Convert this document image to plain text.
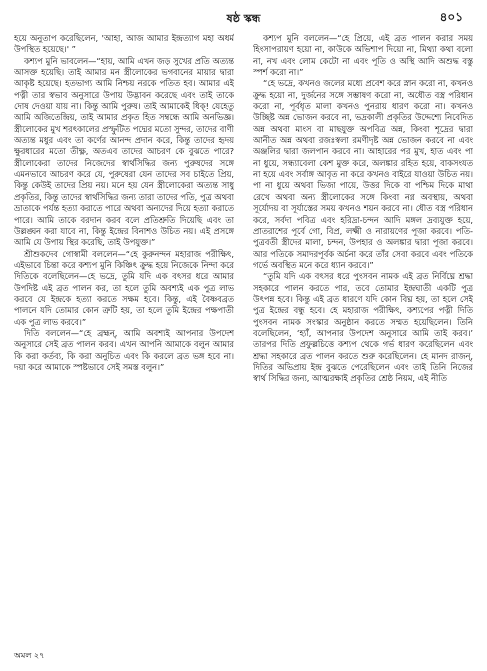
ষষ্ঠ স্কন্ধ	৪০১

হয়ে অনুতাপ করেছিলেন, 'আহা, আজ আমার ইন্দ্রত্যাগ মহা অধর্ম উপস্থিত হয়েছে।' ”

কশ্যপ মুনি ভাবলেন—“হায়, আমি এখন জড় সুখের প্রতি অত্যন্ত আসক্ত হয়েছি। তাই আমার মন স্ত্রীলোকের ভগবানের মায়ার দ্বারা আকৃষ্ট হয়েছে। হতভাগ্য আমি নিশ্চয় নরকে পতিত হব। আমার এই পত্নী তার স্বভাব অনুসারে উপায় উদ্ভাবন করেছে এবং তাই তাকে দোষ দেওয়া যায় না। কিন্তু আমি পুরুষ। তাই আমাকেই ধিক্‌! যেহেতু আমি অজিতেন্দ্রিয়, তাই আমার প্রকৃত হিত সম্বন্ধে আমি অনভিজ্ঞ। স্ত্রীলোকের মুখ শরৎকালের প্রস্ফুটিত পদ্মের মতো সুন্দর, তাদের বাণী অত্যন্ত মধুর এবং তা কর্ণের আনন্দ প্রদান করে, কিন্তু তাদের হৃদয় ক্ষুরধারের মতো তীক্ষ্ণ, অতএব তাদের আচরণ কে বুঝতে পারে? স্ত্রীলোকেরা তাদের নিজেদের স্বার্থসিদ্ধির জন্য পুরুষদের সঙ্গে এমনভাবে আচরণ করে যে, পুরুষেরা যেন তাদের সব চাইতে প্রিয়, কিন্তু কেউই তাদের প্রিয় নয়। মনে হয় যেন স্ত্রীলোকেরা অত্যন্ত সাধু প্রকৃতির, কিন্তু তাদের স্বার্থসিদ্ধির জন্য তারা তাদের পতি, পুত্র অথবা ভ্রাতাকে পর্যন্ত হত্যা করাতে পারে অথবা অন্যদের দিয়ে হত্যা করাতে পারে। আমি তাকে বরদান করব বলে প্রতিশ্রুতি দিয়েছি এবং তা উল্লঙ্ঘন করা যাবে না, কিন্তু ইন্দ্রের বিনাশও উচিত নয়। এই প্রসঙ্গে আমি যে উপায় স্থির করেছি, তাই উপযুক্ত।”

শ্রীশুকদেব গোস্বামী বললেন—“হে কুরুনন্দন মহারাজ পরীক্ষিৎ, এইভাবে চিন্তা করে কশ্যপ মুনি কিঞ্চিৎ ক্রুদ্ধ হয়ে নিজেকে নিন্দা করে দিতিকে বলেছিলেন—হে ভদ্রে, তুমি যদি এক বৎসর ধরে আমার উপদিষ্ট এই ব্রত পালন কর, তা হলে তুমি অবশ্যই এক পুত্র লাভ করবে যে ইন্দ্রকে হত্যা করতে সক্ষম হবে। কিন্তু, এই বৈষ্ণবব্রত পালনে যদি তোমার কোন ত্রুটি হয়, তা হলে তুমি ইন্দ্রের পক্ষপাতী এক পুত্র লাভ করবে।”

দিতি বললেন—“হে ব্রহ্মন্‌, আমি অবশ্যই আপনার উপদেশ অনুসারে সেই ব্রত পালন করব। এখন আপনি আমাকে বলুন আমার কি করা কর্তব্য, কি করা অনুচিত এবং কি করলে ব্রত ভঙ্গ হবে না। দয়া করে আমাকে স্পষ্টভাবে সেই সমস্ত বলুন।”

কশ্যপ মুনি বললেন—“হে প্রিয়ে, এই ব্রত পালন করার সময় হিংসাপরায়ণ হয়ো না, কাউকে অভিশাপ দিয়ো না, মিথ্যা কথা বলো না, নখ এবং লোম কেটো না এবং পূতি ও অস্থি আদি অশুদ্ধ বস্তু স্পর্শ করো না।”

“হে ভদ্রে, কখনও জলের মধ্যে প্রবেশ করে স্নান করো না, কখনও ক্রুদ্ধ হয়ো না, দুর্জনের সঙ্গে সম্ভাষণ করো না, অধৌত বস্ত্র পরিধান করো না, পূর্বধৃত মালা কখনও পুনরায় ধারণ করো না। কখনও উচ্ছিষ্ট অন্ন ভোজন করবে না, ভদ্রকালী প্রকৃতির উদ্দেশ্যে নিবেদিত অন্ন অথবা মাংস বা মাছযুক্ত অপবিত্র অন্ন, কিংবা শূদ্রের দ্বারা আনীত অন্ন অথবা রজঃস্বলা রমণীদৃষ্ট অন্ন ভোজন করবে না এবং অঞ্জলির দ্বারা জলপান করবে না। আহারের পর মুখ, হাত এবং পা না ধুয়ে, সন্ধ্যাবেলা কেশ মুক্ত করে, অলঙ্কার রহিত হয়ে, বাকসংযত না হয়ে এবং সর্বাঙ্গ আবৃত না করে কখনও বাইরে যাওয়া উচিত নয়। পা না ধুয়ে অথবা ভিজা পায়ে, উত্তর দিকে বা পশ্চিম দিকে মাথা রেখে অথবা অন্য স্ত্রীলোকের সঙ্গে কিংবা নগ্ন অবস্থায়, অথবা সূর্যোদয় বা সূর্যাস্তের সময় কখনও শয়ন করবে না। ধৌত বস্ত্র পরিধান করে, সর্বদা পবিত্র এবং হরিদ্রা-চন্দন আদি মঙ্গল দ্রব্যযুক্ত হয়ে, প্রাতরাশের পূর্বে গো, বিপ্র, লক্ষ্মী ও নারায়ণের পূজা করবে। পতি-পুত্রবতী স্ত্রীদের মালা, চন্দন, উপহার ও অলঙ্কার দ্বারা পূজা করবে। আর পতিকে সমাদরপূর্বক অর্চনা করে তাঁর সেবা করবে এবং পতিকে গর্ভে অবস্থিত মনে করে ধ্যান করবে।”

“তুমি যদি এক বৎসর ধরে পুংসবন নামক এই ব্রত নির্বিঘ্নে শ্রদ্ধা সহকারে পালন করতে পার, তবে তোমার ইন্দ্রঘাতী একটি পুত্র উৎপন্ন হবে। কিন্তু এই ব্রত ধারণে যদি কোন বিঘ্ন হয়, তা হলে সেই পুত্র ইন্দ্রের বন্ধু হবে। হে মহারাজ পরীক্ষিৎ, কশ্যপের পত্নী দিতি পুংসবন নামক সংস্কার অনুষ্ঠান করতে সম্মত হয়েছিলেন। তিনি বলেছিলেন, ‘হ্যাঁ, আপনার উপদেশ অনুসারে আমি তাই করব।’ তারপর দিতি প্রফুল্লচিত্তে কশ্যপ থেকে গর্ভ ধারণ করেছিলেন এবং শ্রদ্ধা সহকারে ব্রত পালন করতে শুরু করেছিলেন। হে মানদ রাজন্‌, দিতির অভিপ্রায় ইন্দ্র বুঝতে পেরেছিলেন এবং তাই তিনি নিজের স্বার্থ সিদ্ধির জন্য, আত্মরক্ষাই প্রকৃতির শ্রেষ্ঠ নিয়ম, এই নীতি

অমল ২৭
